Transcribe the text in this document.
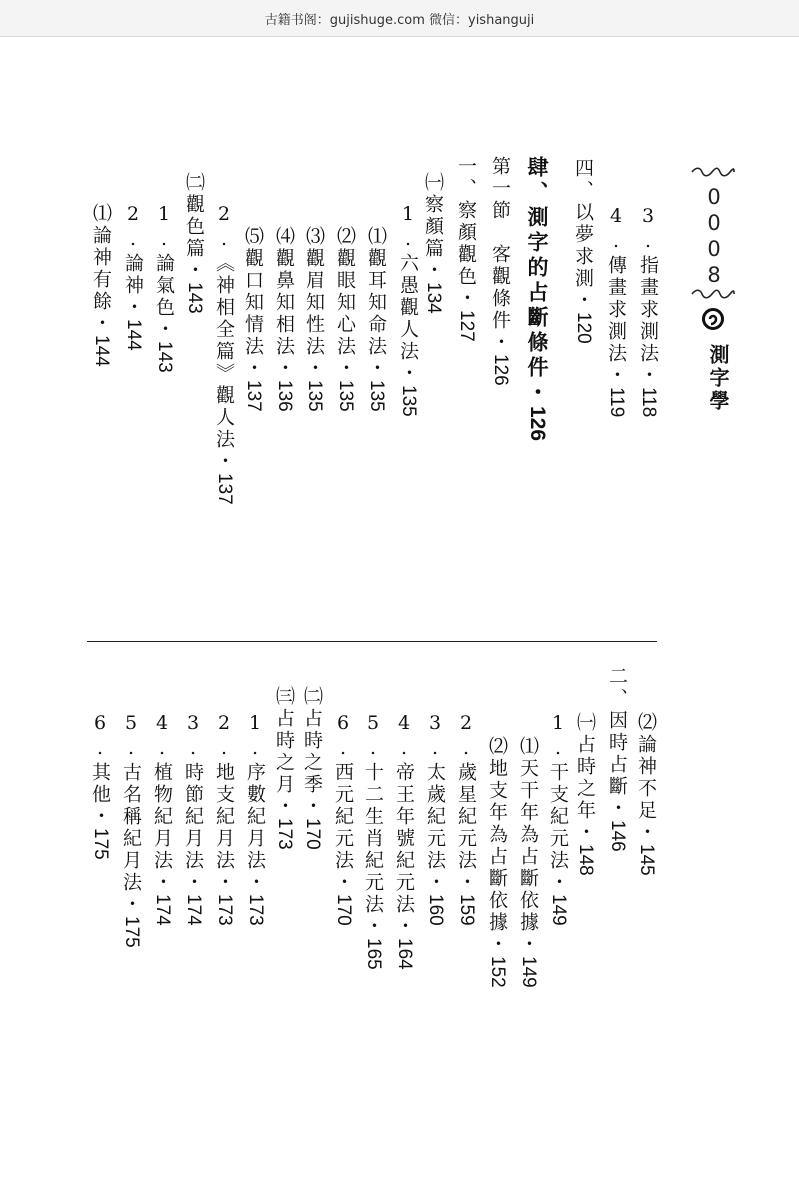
古籍书阁：gujishuge.com 微信：yishanguji
0008
測字學
3.指畫求測法・118
4.傳畫求測法・119
四、以夢求測・120
肆、測字的占斷條件・126
第一節　客觀條件・126
一、察顏觀色・127
㈠察顏篇・134
1.六愚觀人法・135
⑴觀耳知命法・135
⑵觀眼知心法・135
⑶觀眉知性法・135
⑷觀鼻知相法・136
⑸觀口知情法・137
2.《神相全篇》觀人法・137
㈡觀色篇・143
1.論氣色・143
2.論神・144
⑴論神有餘・144
⑵論神不足・145
二、因時占斷・146
㈠占時之年・148
1.干支紀元法・149
⑴天干年為占斷依據・149
⑵地支年為占斷依據・152
2.歲星紀元法・159
3.太歲紀元法・160
4.帝王年號紀元法・164
5.十二生肖紀元法・165
6.西元紀元法・170
㈡占時之季・170
㈢占時之月・173
1.序數紀月法・173
2.地支紀月法・173
3.時節紀月法・174
4.植物紀月法・174
5.古名稱紀月法・175
6.其他・175
